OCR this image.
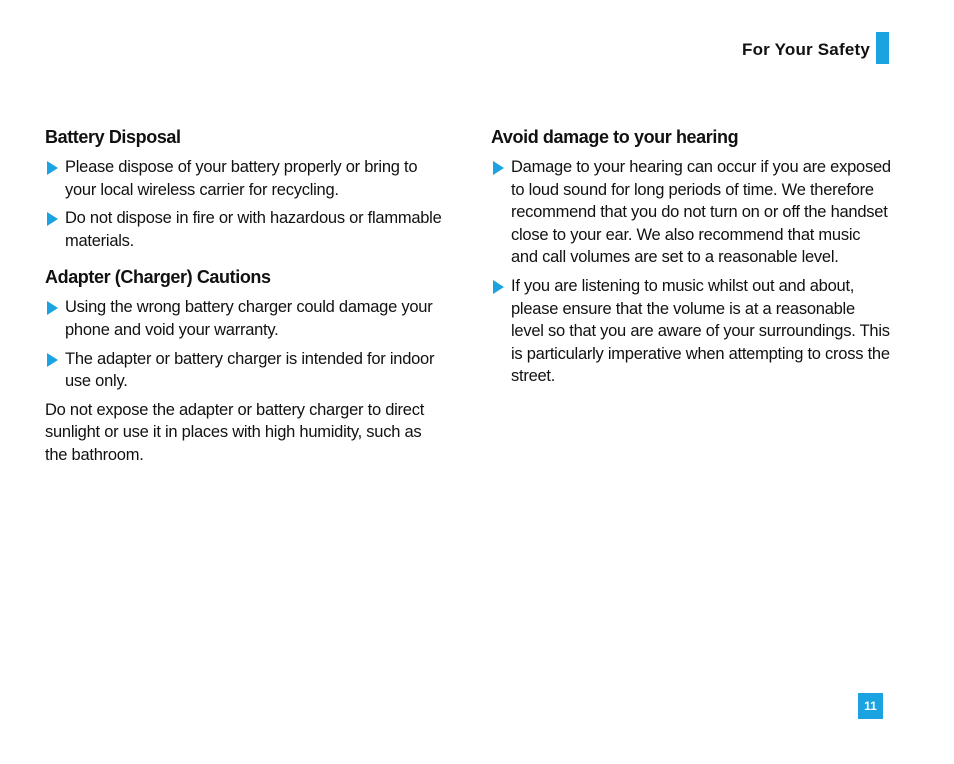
For Your Safety
Battery Disposal
Please dispose of your battery properly or bring to your local wireless carrier for recycling.
Do not dispose in fire or with hazardous or flammable materials.
Adapter (Charger) Cautions
Using the wrong battery charger could damage your phone and void your warranty.
The adapter or battery charger is intended for indoor use only.

Do not expose the adapter or battery charger to direct sunlight or use it in places with high humidity, such as the bathroom.

Avoid damage to your hearing
Damage to your hearing can occur if you are exposed to loud sound for long periods of time. We therefore recommend that you do not turn on or off the handset close to your ear. We also recommend that music and call volumes are set to a reasonable level.
If you are listening to music whilst out and about, please ensure that the volume is at a reasonable level so that you are aware of your surroundings. This is particularly imperative when attempting to cross the street.
11
